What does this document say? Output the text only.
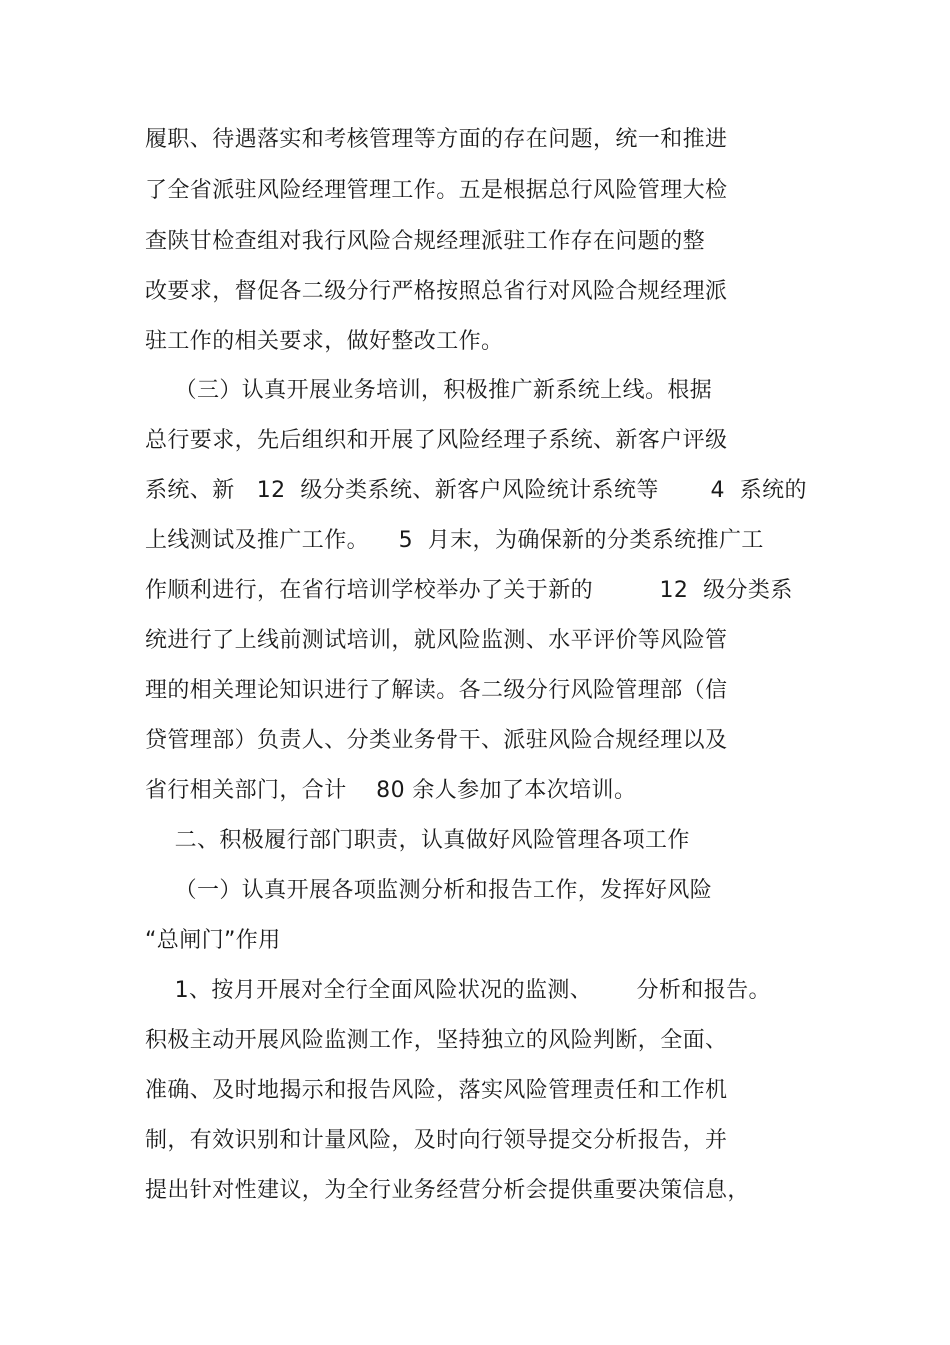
履职、待遇落实和考核管理等方面的存在问题，统一和推进
了全省派驻风险经理管理工作。五是根据总行风险管理大检
查陕甘检查组对我行风险合规经理派驻工作存在问题的整
改要求，督促各二级分行严格按照总省行对风险合规经理派
驻工作的相关要求，做好整改工作。
（三）认真开展业务培训，积极推广新系统上线。根据
总行要求，先后组织和开展了风险经理子系统、新客户评级
系统、新   12  级分类系统、新客户风险统计系统等       4  系统的
上线测试及推广工作。    5  月末，为确保新的分类系统推广工
作顺利进行，在省行培训学校举办了关于新的         12  级分类系
统进行了上线前测试培训，就风险监测、水平评价等风险管
理的相关理论知识进行了解读。各二级分行风险管理部（信
贷管理部）负责人、分类业务骨干、派驻风险合规经理以及
省行相关部门，合计    80 余人参加了本次培训。
二、积极履行部门职责，认真做好风险管理各项工作
（一）认真开展各项监测分析和报告工作，发挥好风险
“总闸门”作用
1、按月开展对全行全面风险状况的监测、      分析和报告。
积极主动开展风险监测工作，坚持独立的风险判断，全面、
准确、及时地揭示和报告风险，落实风险管理责任和工作机
制，有效识别和计量风险，及时向行领导提交分析报告，并
提出针对性建议，为全行业务经营分析会提供重要决策信息，
